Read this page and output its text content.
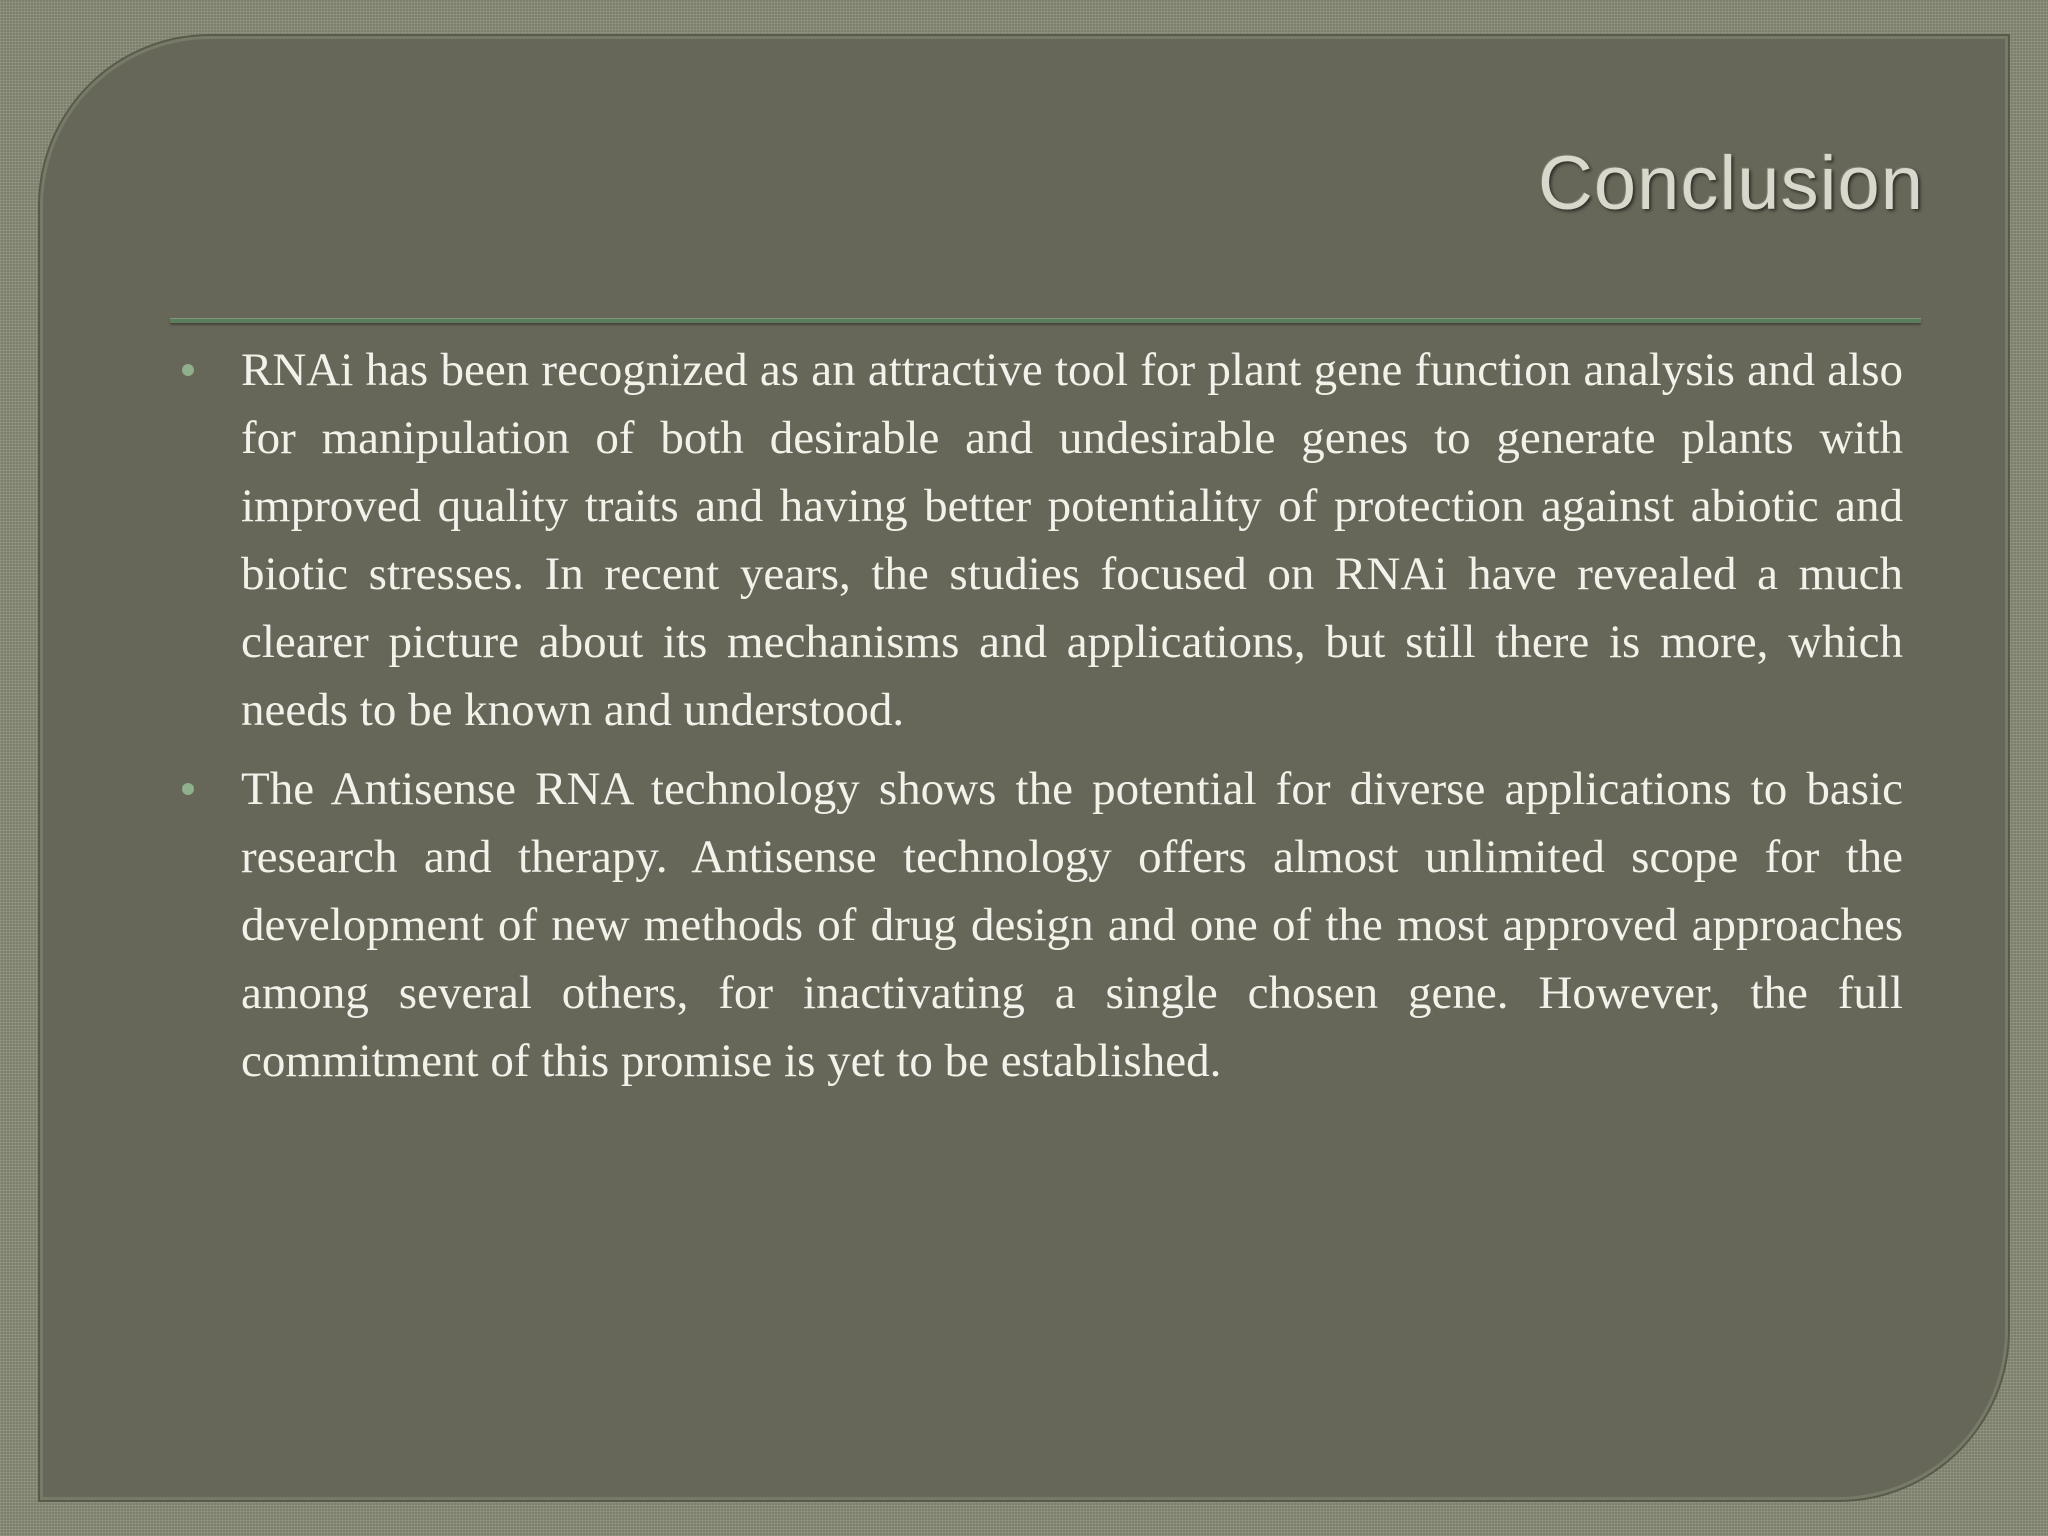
Conclusion

RNAi has been recognized as an attractive tool for plant gene function analysis and also for manipulation of both desirable and undesirable genes to generate plants with improved quality traits and having better potentiality of protection against abiotic and biotic stresses. In recent years, the studies focused on RNAi have revealed a much clearer picture about its mechanisms and applications, but still there is more, which needs to be known and understood.

The Antisense RNA technology shows the potential for diverse applications to basic research and therapy. Antisense technology offers almost unlimited scope for the development of new methods of drug design and one of the most approved approaches among several others, for inactivating a single chosen gene. However, the full commitment of this promise is yet to be established.
